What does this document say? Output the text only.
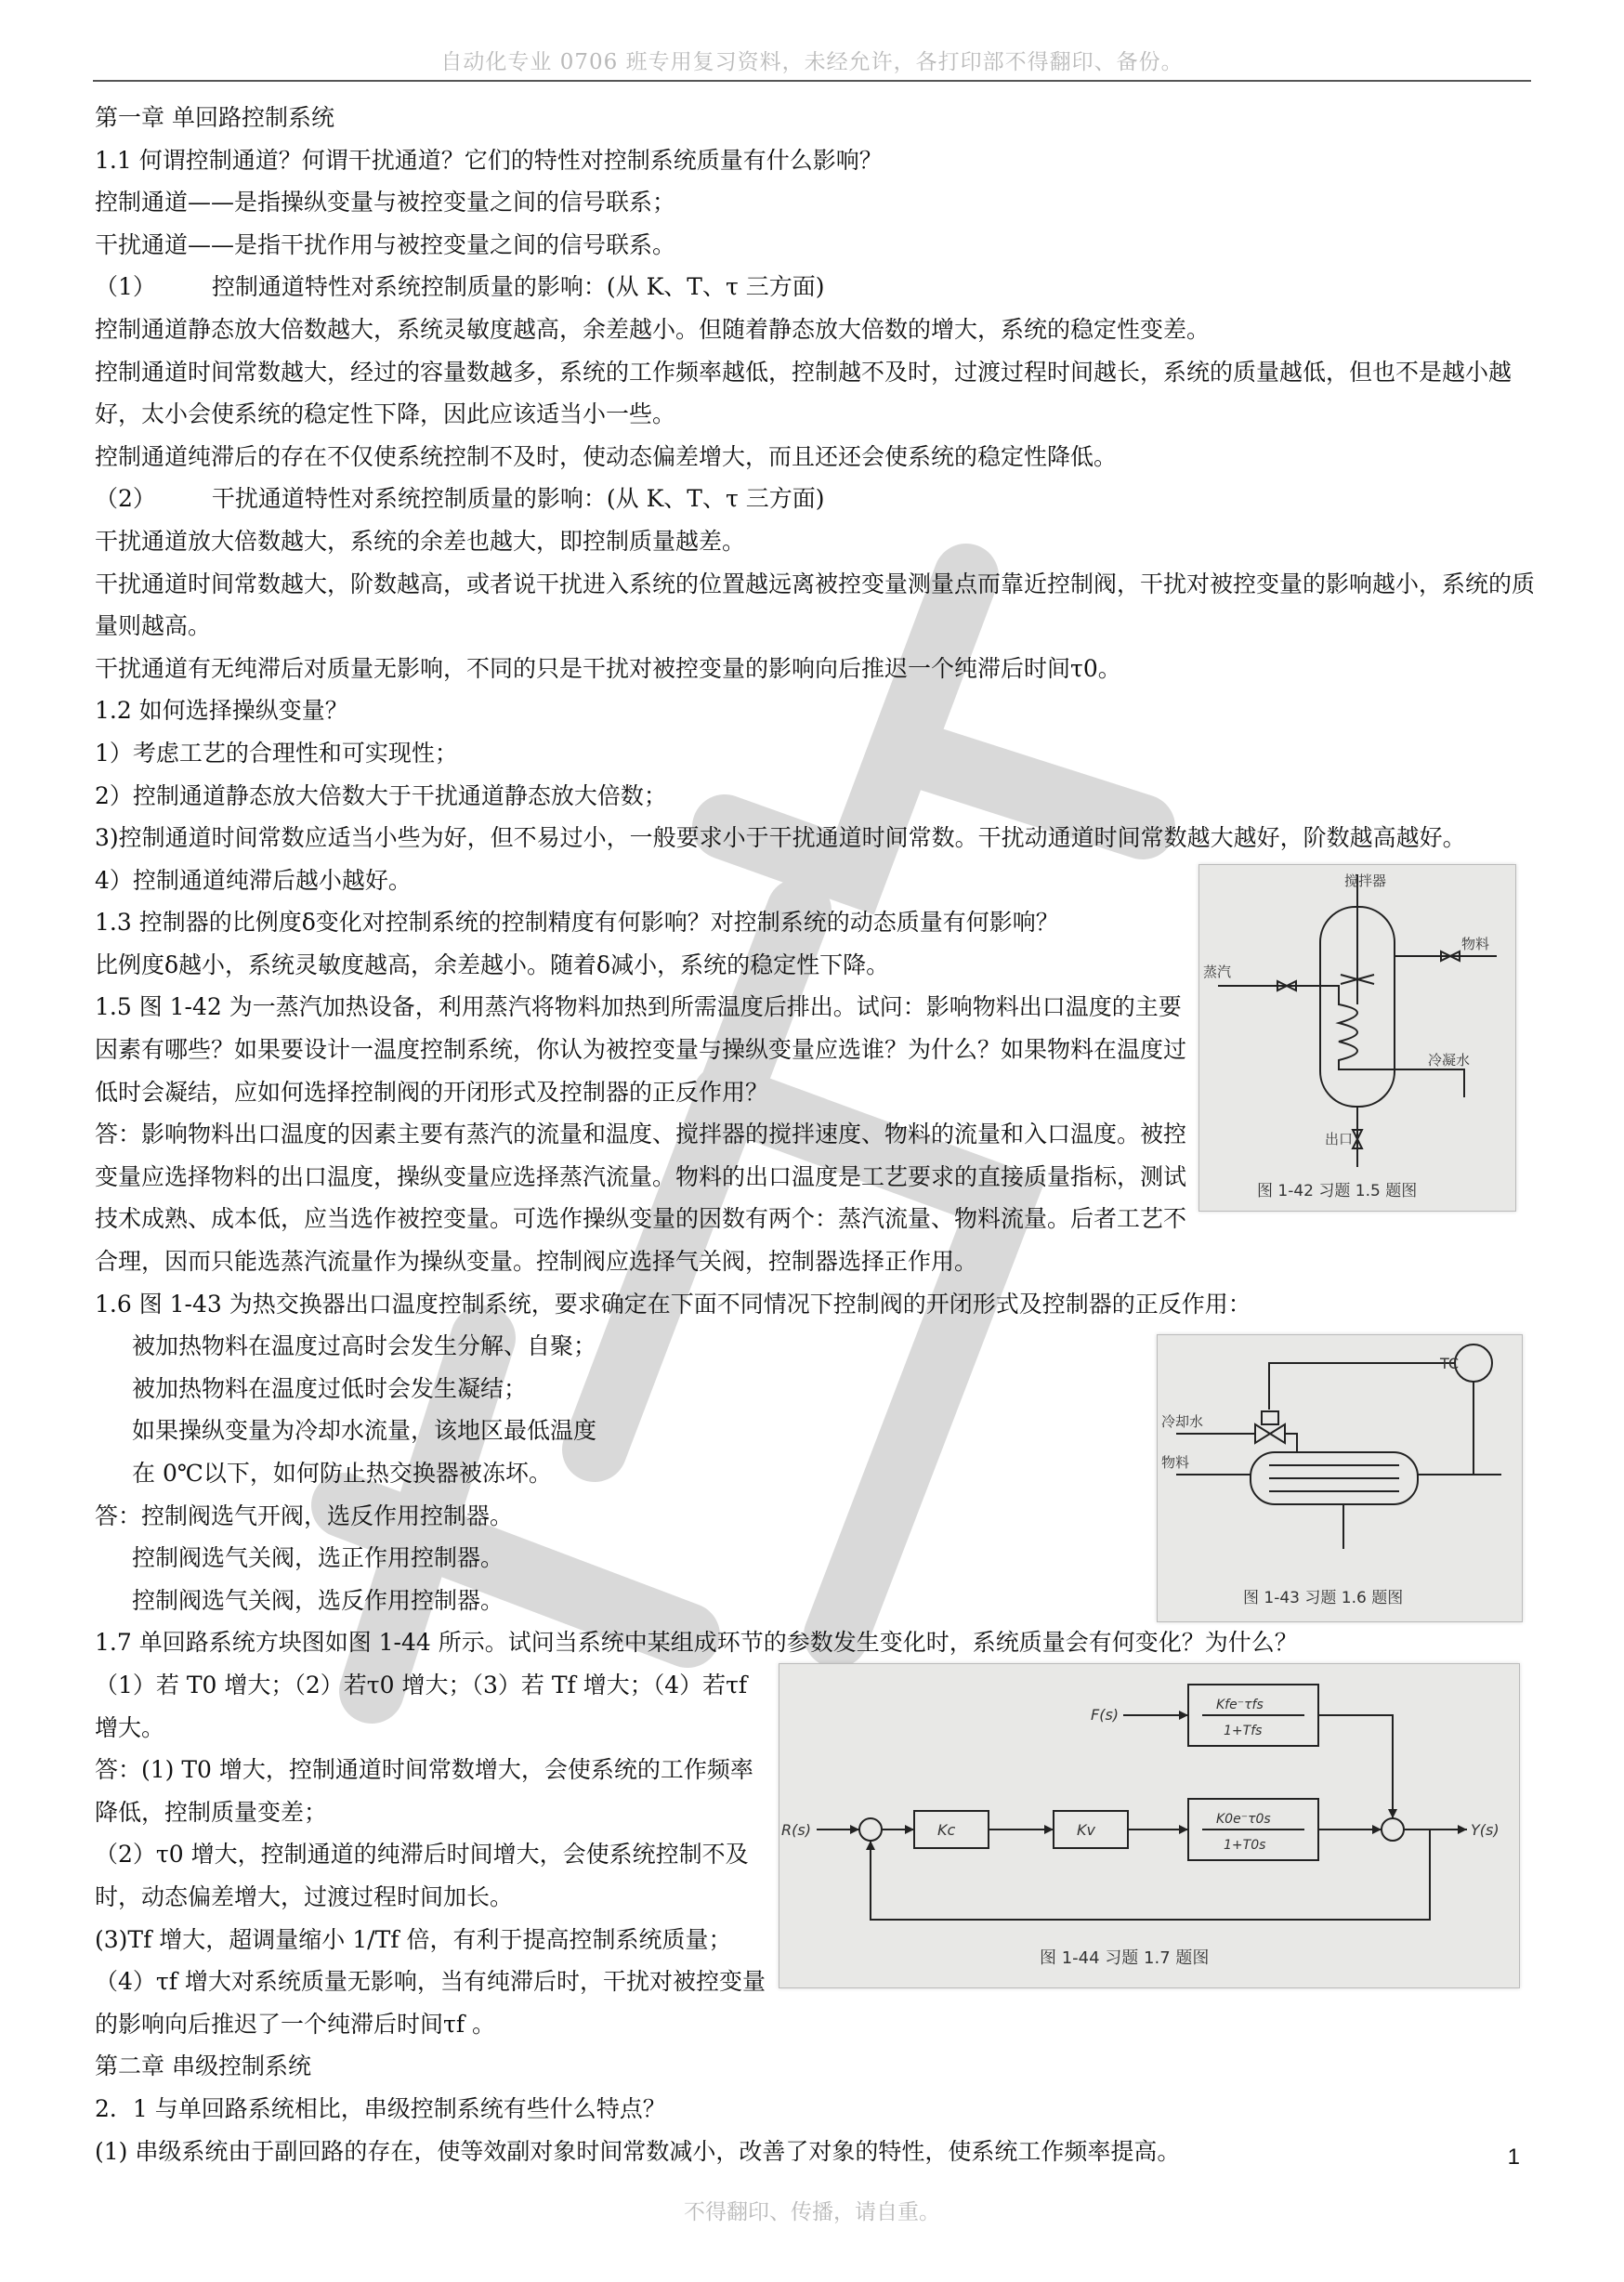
自动化专业 0706 班专用复习资料，未经允许，各打印部不得翻印、备份。

第一章 单回路控制系统

1.1 何谓控制通道？何谓干扰通道？它们的特性对控制系统质量有什么影响？

控制通道——是指操纵变量与被控变量之间的信号联系；

干扰通道——是指干扰作用与被控变量之间的信号联系。

（1） 控制通道特性对系统控制质量的影响：(从 K、T、τ 三方面)

控制通道静态放大倍数越大，系统灵敏度越高，余差越小。但随着静态放大倍数的增大，系统的稳定性变差。

控制通道时间常数越大，经过的容量数越多，系统的工作频率越低，控制越不及时，过渡过程时间越长，系统的质量越低，但也不是越小越好，太小会使系统的稳定性下降，因此应该适当小一些。

控制通道纯滞后的存在不仅使系统控制不及时，使动态偏差增大，而且还还会使系统的稳定性降低。

（2） 干扰通道特性对系统控制质量的影响：(从 K、T、τ 三方面)

干扰通道放大倍数越大，系统的余差也越大，即控制质量越差。

干扰通道时间常数越大，阶数越高，或者说干扰进入系统的位置越远离被控变量测量点而靠近控制阀，干扰对被控变量的影响越小，系统的质量则越高。

干扰通道有无纯滞后对质量无影响，不同的只是干扰对被控变量的影响向后推迟一个纯滞后时间τ0。

1.2 如何选择操纵变量？

1）考虑工艺的合理性和可实现性；

2）控制通道静态放大倍数大于干扰通道静态放大倍数；

3)控制通道时间常数应适当小些为好，但不易过小，一般要求小于干扰通道时间常数。干扰动通道时间常数越大越好，阶数越高越好。

4）控制通道纯滞后越小越好。

1.3 控制器的比例度δ变化对控制系统的控制精度有何影响？对控制系统的动态质量有何影响？

比例度δ越小，系统灵敏度越高，余差越小。随着δ减小，系统的稳定性下降。

1.5 图 1-42 为一蒸汽加热设备，利用蒸汽将物料加热到所需温度后排出。试问：影响物料出口温度的主要因素有哪些？如果要设计一温度控制系统，你认为被控变量与操纵变量应选谁？为什么？如果物料在温度过低时会凝结，应如何选择控制阀的开闭形式及控制器的正反作用？

答：影响物料出口温度的因素主要有蒸汽的流量和温度、搅拌器的搅拌速度、物料的流量和入口温度。被控变量应选择物料的出口温度，操纵变量应选择蒸汽流量。物料的出口温度是工艺要求的直接质量指标，测试技术成熟、成本低，应当选作被控变量。可选作操纵变量的因数有两个：蒸汽流量、物料流量。后者工艺不合理，因而只能选蒸汽流量作为操纵变量。控制阀应选择气关阀，控制器选择正作用。

1.6 图 1-43 为热交换器出口温度控制系统，要求确定在下面不同情况下控制阀的开闭形式及控制器的正反作用：

被加热物料在温度过高时会发生分解、自聚；

被加热物料在温度过低时会发生凝结；

如果操纵变量为冷却水流量，该地区最低温度

在 0℃以下，如何防止热交换器被冻坏。

答：控制阀选气开阀，选反作用控制器。

控制阀选气关阀，选正作用控制器。

控制阀选气关阀，选反作用控制器。

1.7 单回路系统方块图如图 1-44 所示。试问当系统中某组成环节的参数发生变化时，系统质量会有何变化？为什么？

（1）若 T0 增大；（2）若τ0 增大；（3）若 Tf 增大；（4）若τf 增大。

答：(1) T0 增大，控制通道时间常数增大，会使系统的工作频率降低，控制质量变差；

（2）τ0 增大，控制通道的纯滞后时间增大，会使系统控制不及时，动态偏差增大，过渡过程时间加长。

(3)Tf 增大，超调量缩小 1/Tf 倍，有利于提高控制系统质量；

（4）τf 增大对系统质量无影响，当有纯滞后时，干扰对被控变量的影响向后推迟了一个纯滞后时间τf 。

第二章 串级控制系统

2．1 与单回路系统相比，串级控制系统有些什么特点？

(1) 串级系统由于副回路的存在，使等效副对象时间常数减小，改善了对象的特性，使系统工作频率提高。

搅拌器
物料
蒸汽
冷凝水
出口
图 1-42 习题 1.5 题图
TC
冷却水
物料
图 1-43 习题 1.6 题图
F(s)
R(s)	Y(s)
Kc	Kv
Kfe⁻τfs
1+Tfs
K0e⁻τ0s
1+T0s
图 1-44 习题 1.7 题图
1
不得翻印、传播，请自重。
